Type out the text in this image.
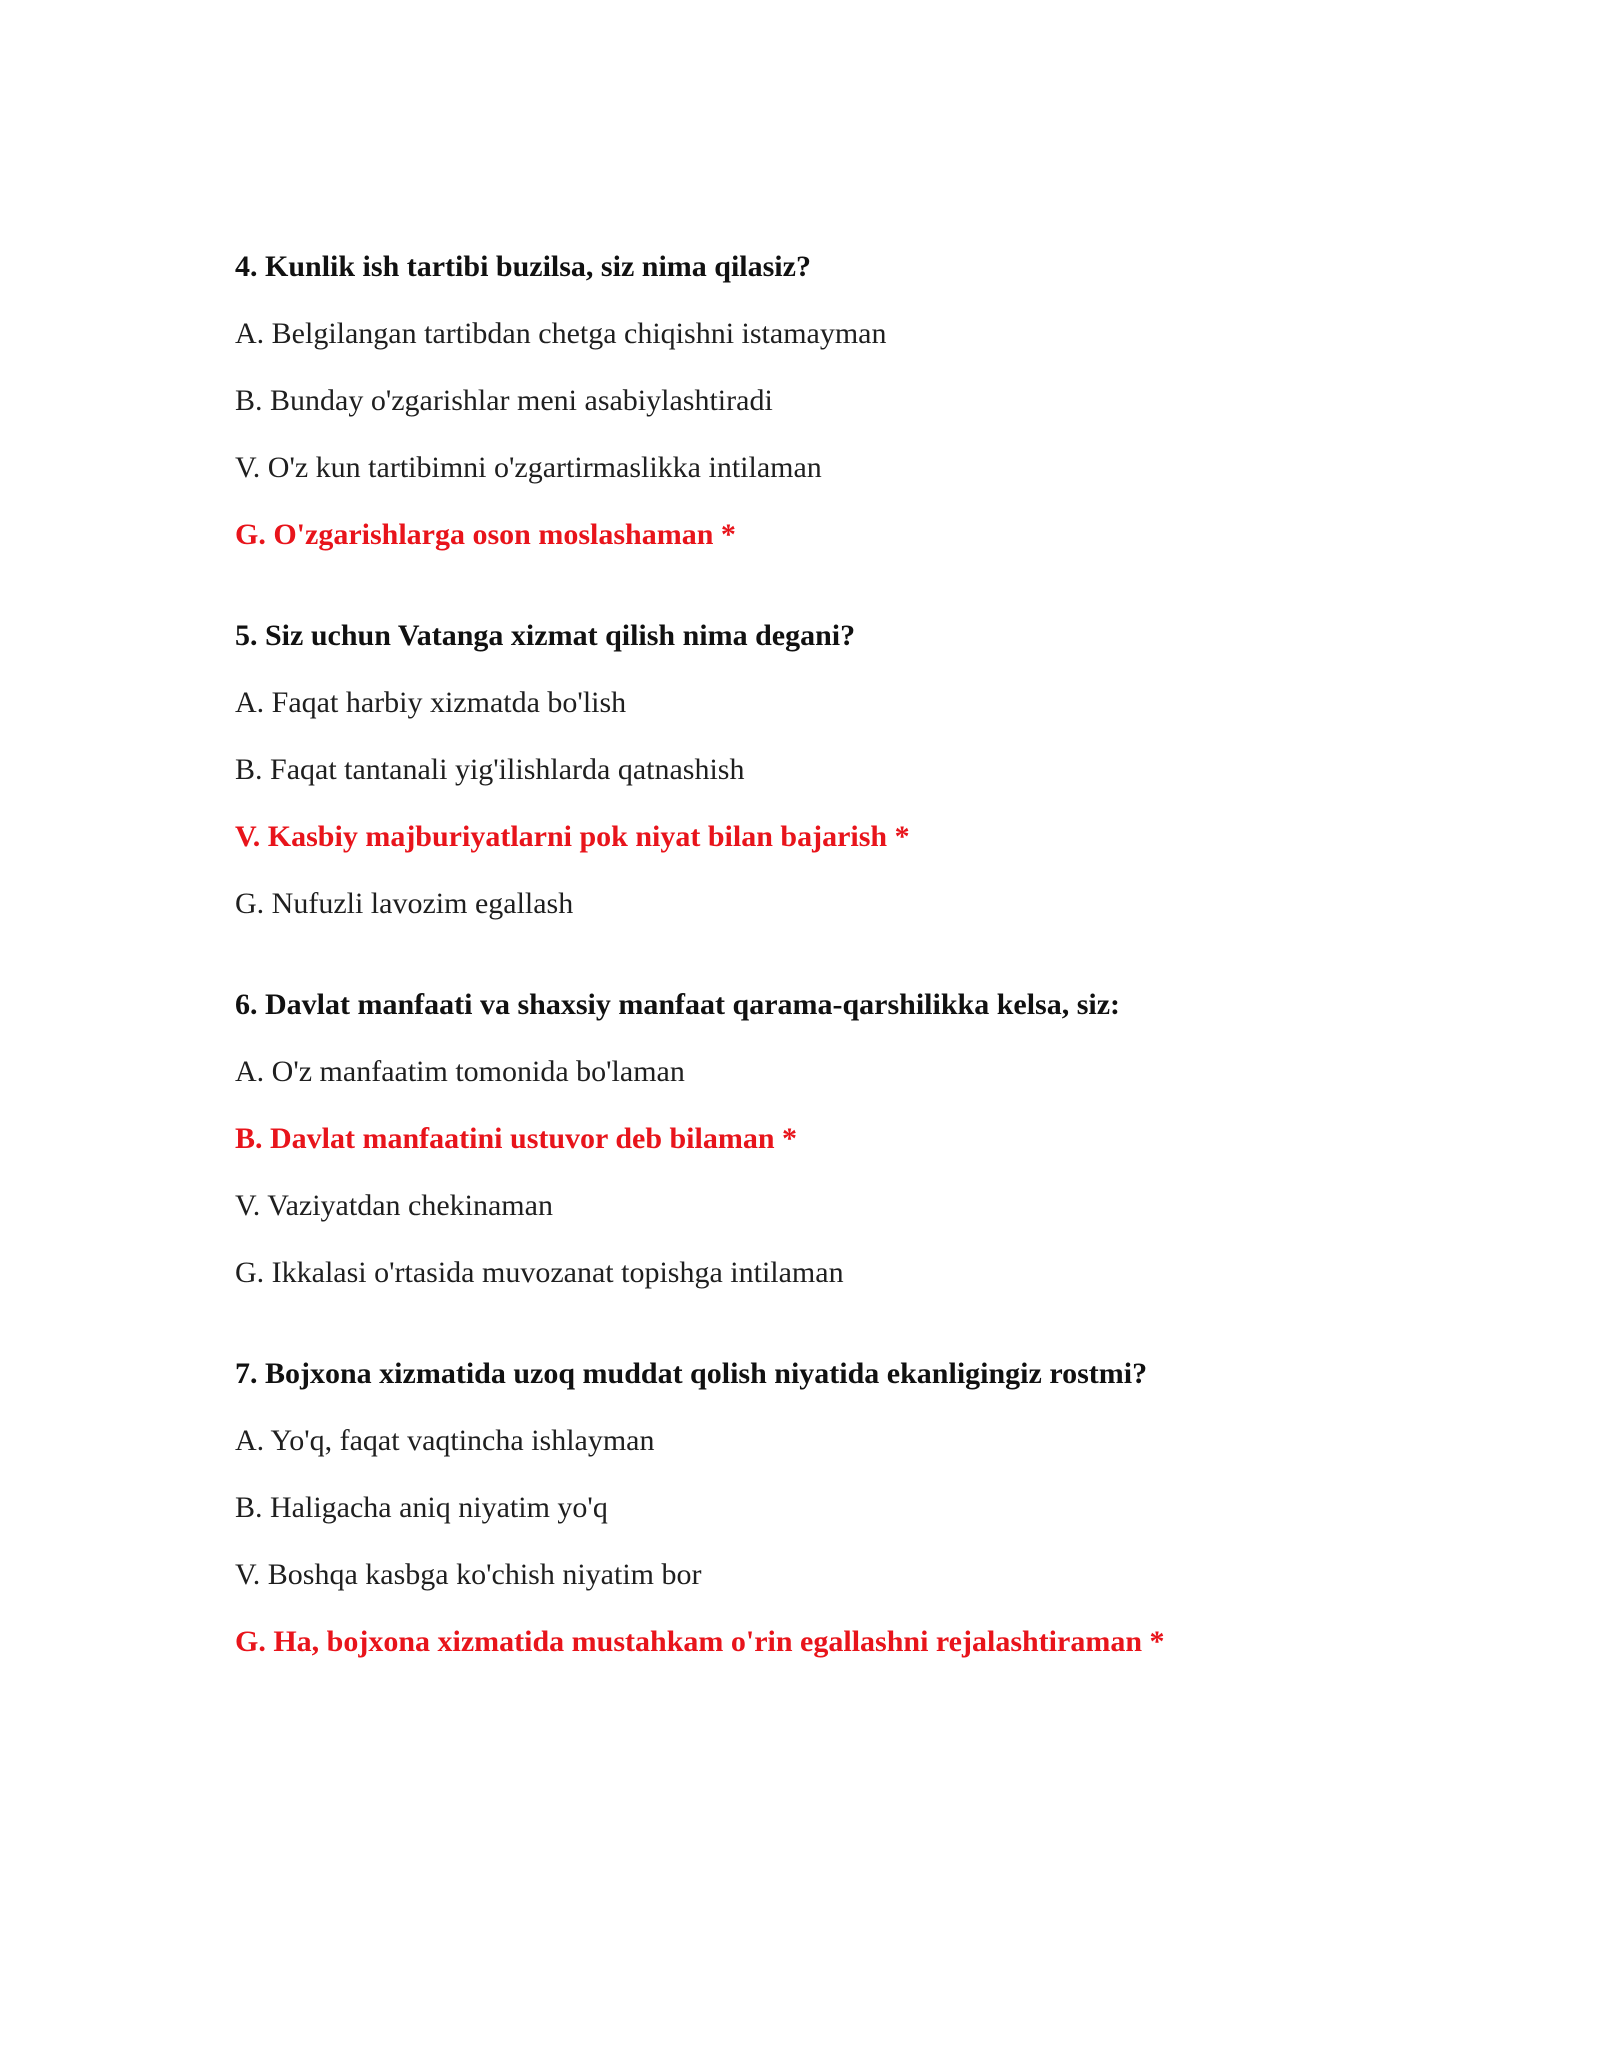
4. Kunlik ish tartibi buzilsa, siz nima qilasiz?
A. Belgilangan tartibdan chetga chiqishni istamayman
B. Bunday o'zgarishlar meni asabiylashtiradi
V. O'z kun tartibimni o'zgartirmaslikka intilaman
G. O'zgarishlarga oson moslashaman *
5. Siz uchun Vatanga xizmat qilish nima degani?
A. Faqat harbiy xizmatda bo'lish
B. Faqat tantanali yig'ilishlarda qatnashish
V. Kasbiy majburiyatlarni pok niyat bilan bajarish *
G. Nufuzli lavozim egallash
6. Davlat manfaati va shaxsiy manfaat qarama-qarshilikka kelsa, siz:
A. O'z manfaatim tomonida bo'laman
B. Davlat manfaatini ustuvor deb bilaman *
V. Vaziyatdan chekinaman
G. Ikkalasi o'rtasida muvozanat topishga intilaman
7. Bojxona xizmatida uzoq muddat qolish niyatida ekanligingiz rostmi?
A. Yo'q, faqat vaqtincha ishlayman
B. Haligacha aniq niyatim yo'q
V. Boshqa kasbga ko'chish niyatim bor
G. Ha, bojxona xizmatida mustahkam o'rin egallashni rejalashtiraman *
